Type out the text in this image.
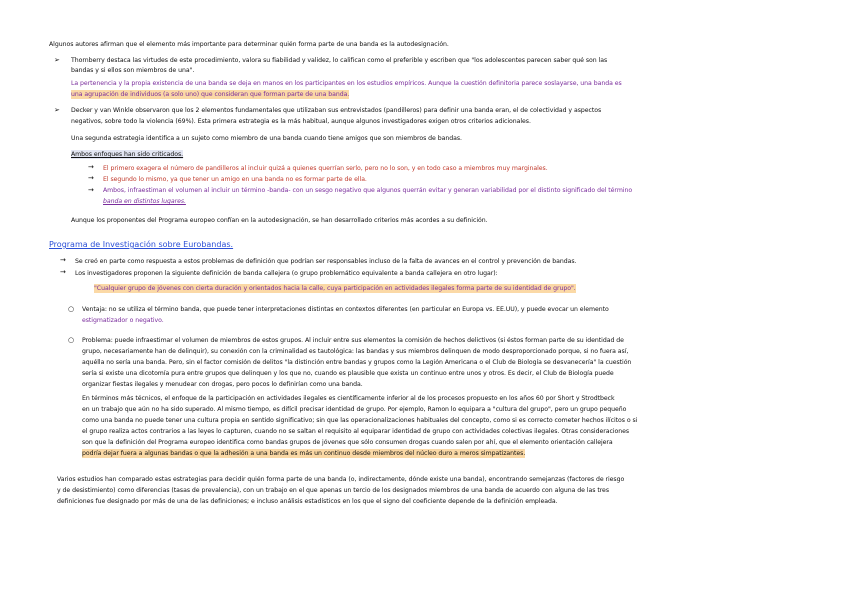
Algunos autores afirman que el elemento más importante para determinar quién forma parte de una banda es la autodesignación.
➢ Thornberry destaca las virtudes de este procedimiento, valora su fiabilidad y validez, lo califican como el preferible y escriben que "los adolescentes parecen saber qué son las
bandas y si ellos son miembros de una".
La pertenencia y la propia existencia de una banda se deja en manos en los participantes en los estudios empíricos. Aunque la cuestión definitoria parece soslayarse, una banda es
una agrupación de individuos (a solo uno) que consideran que forman parte de una banda.
➢ Decker y van Winkle observaron que los 2 elementos fundamentales que utilizaban sus entrevistados (pandilleros) para definir una banda eran, el de colectividad y aspectos
negativos, sobre todo la violencia (69%). Esta primera estrategia es la más habitual, aunque algunos investigadores exigen otros criterios adicionales.
Una segunda estrategia identifica a un sujeto como miembro de una banda cuando tiene amigos que son miembros de bandas.
Ambos enfoques han sido criticados.
→ El primero exagera el número de pandilleros al incluir quizá a quienes querrían serlo, pero no lo son, y en todo caso a miembros muy marginales.
→ El segundo lo mismo, ya que tener un amigo en una banda no es formar parte de ella.
→ Ambos, infraestiman el volumen al incluir un término -banda- con un sesgo negativo que algunos querrán evitar y generan variabilidad por el distinto significado del término
banda en distintos lugares.
Aunque los proponentes del Programa europeo confían en la autodesignación, se han desarrollado criterios más acordes a su definición.
Programa de Investigación sobre Eurobandas.
→ Se creó en parte como respuesta a estos problemas de definición que podrían ser responsables incluso de la falta de avances en el control y prevención de bandas.
→ Los investigadores proponen la siguiente definición de banda callejera (o grupo problemático equivalente a banda callejera en otro lugar):
"Cualquier grupo de jóvenes con cierta duración y orientados hacia la calle, cuya participación en actividades ilegales forma parte de su identidad de grupo".
○ Ventaja: no se utiliza el término banda, que puede tener interpretaciones distintas en contextos diferentes (en particular en Europa vs. EE.UU), y puede evocar un elemento
estigmatizador o negativo.
○ Problema: puede infraestimar el volumen de miembros de estos grupos. Al incluir entre sus elementos la comisión de hechos delictivos (si éstos forman parte de su identidad de
grupo, necesariamente han de delinquir), su conexión con la criminalidad es tautológica: las bandas y sus miembros delinquen de modo desproporcionado porque, si no fuera así,
aquélla no sería una banda. Pero, sin el factor comisión de delitos "la distinción entre bandas y grupos como la Legión Americana o el Club de Biología se desvanecería" la cuestión
sería si existe una dicotomía pura entre grupos que delinquen y los que no, cuando es plausible que exista un continuo entre unos y otros. Es decir, el Club de Biología puede
organizar fiestas ilegales y menudear con drogas, pero pocos lo definirían como una banda.
En términos más técnicos, el enfoque de la participación en actividades ilegales es científicamente inferior al de los procesos propuesto en los años 60 por Short y Strodtbeck
en un trabajo que aún no ha sido superado. Al mismo tiempo, es difícil precisar identidad de grupo. Por ejemplo, Ramon lo equipara a "cultura del grupo", pero un grupo pequeño
como una banda no puede tener una cultura propia en sentido significativo; sin que las operacionalizaciones habituales del concepto, como si es correcto cometer hechos ilícitos o si
el grupo realiza actos contrarios a las leyes lo capturen, cuando no se saltan el requisito al equiparar identidad de grupo con actividades colectivas ilegales. Otras consideraciones
son que la definición del Programa europeo identifica como bandas grupos de jóvenes que sólo consumen drogas cuando salen por ahí, que el elemento orientación callejera
podría dejar fuera a algunas bandas o que la adhesión a una banda es más un continuo desde miembros del núcleo duro a meros simpatizantes.
Varios estudios han comparado estas estrategias para decidir quién forma parte de una banda (o, indirectamente, dónde existe una banda), encontrando semejanzas (factores de riesgo
y de desistimiento) como diferencias (tasas de prevalencia), con un trabajo en el que apenas un tercio de los designados miembros de una banda de acuerdo con alguna de las tres
definiciones fue designado por más de una de las definiciones; e incluso análisis estadísticos en los que el signo del coeficiente depende de la definición empleada.
